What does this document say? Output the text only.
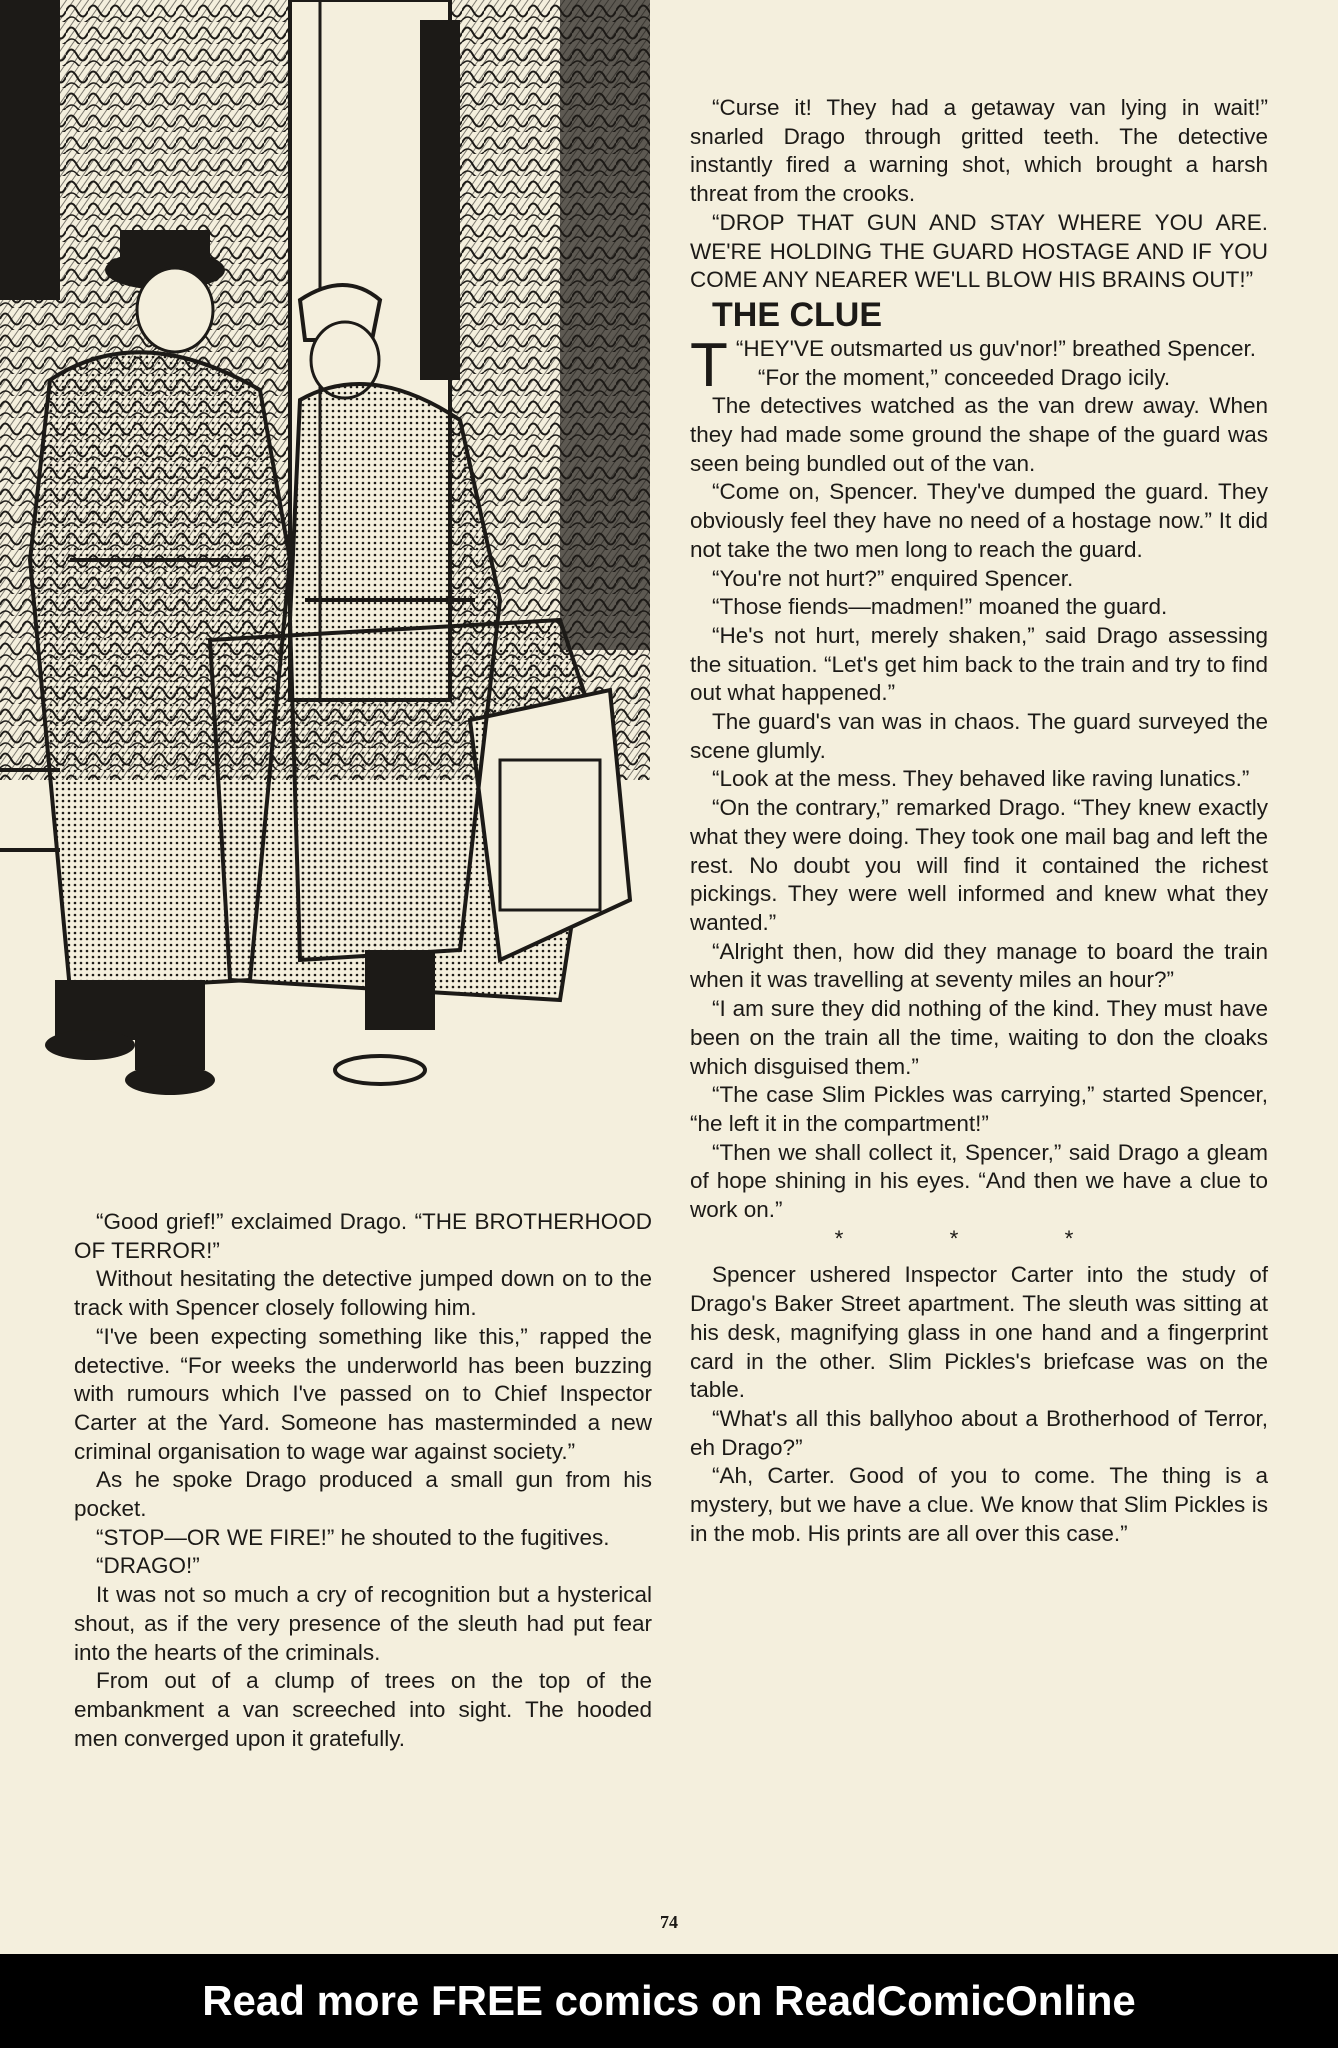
“Good grief!” exclaimed Drago. “THE BROTHERHOOD OF TERROR!”

Without hesitating the detective jumped down on to the track with Spencer closely following him.

“I've been expecting something like this,” rapped the detective. “For weeks the underworld has been buzzing with rumours which I've passed on to Chief Inspector Carter at the Yard. Someone has masterminded a new criminal organisation to wage war against society.”

As he spoke Drago produced a small gun from his pocket.

“STOP—OR WE FIRE!” he shouted to the fugitives.

“DRAGO!”

It was not so much a cry of recognition but a hysterical shout, as if the very presence of the sleuth had put fear into the hearts of the criminals.

From out of a clump of trees on the top of the embankment a van screeched into sight. The hooded men converged upon it gratefully.

“Curse it! They had a getaway van lying in wait!” snarled Drago through gritted teeth. The detective instantly fired a warning shot, which brought a harsh threat from the crooks.

“DROP THAT GUN AND STAY WHERE YOU ARE. WE'RE HOLDING THE GUARD HOSTAGE AND IF YOU COME ANY NEARER WE'LL BLOW HIS BRAINS OUT!”

THE CLUE

“
T HEY'VE outsmarted us guv'nor!” breathed Spencer.

“For the moment,” conceeded Drago icily.

The detectives watched as the van drew away. When they had made some ground the shape of the guard was seen being bundled out of the van.

“Come on, Spencer. They've dumped the guard. They obviously feel they have no need of a hostage now.” It did not take the two men long to reach the guard.

“You're not hurt?” enquired Spencer.

“Those fiends—madmen!” moaned the guard.

“He's not hurt, merely shaken,” said Drago assessing the situation. “Let's get him back to the train and try to find out what happened.”

The guard's van was in chaos. The guard surveyed the scene glumly.

“Look at the mess. They behaved like raving lunatics.”

“On the contrary,” remarked Drago. “They knew exactly what they were doing. They took one mail bag and left the rest. No doubt you will find it contained the richest pickings. They were well informed and knew what they wanted.”

“Alright then, how did they manage to board the train when it was travelling at seventy miles an hour?”

“I am sure they did nothing of the kind. They must have been on the train all the time, waiting to don the cloaks which disguised them.”

“The case Slim Pickles was carrying,” started Spencer, “he left it in the compartment!”

“Then we shall collect it, Spencer,” said Drago a gleam of hope shining in his eyes. “And then we have a clue to work on.”

* * *

Spencer ushered Inspector Carter into the study of Drago's Baker Street apartment. The sleuth was sitting at his desk, magnifying glass in one hand and a fingerprint card in the other. Slim Pickles's briefcase was on the table.

“What's all this ballyhoo about a Brotherhood of Terror, eh Drago?”

“Ah, Carter. Good of you to come. The thing is a mystery, but we have a clue. We know that Slim Pickles is in the mob. His prints are all over this case.”

74
Read more FREE comics on ReadComicOnline
